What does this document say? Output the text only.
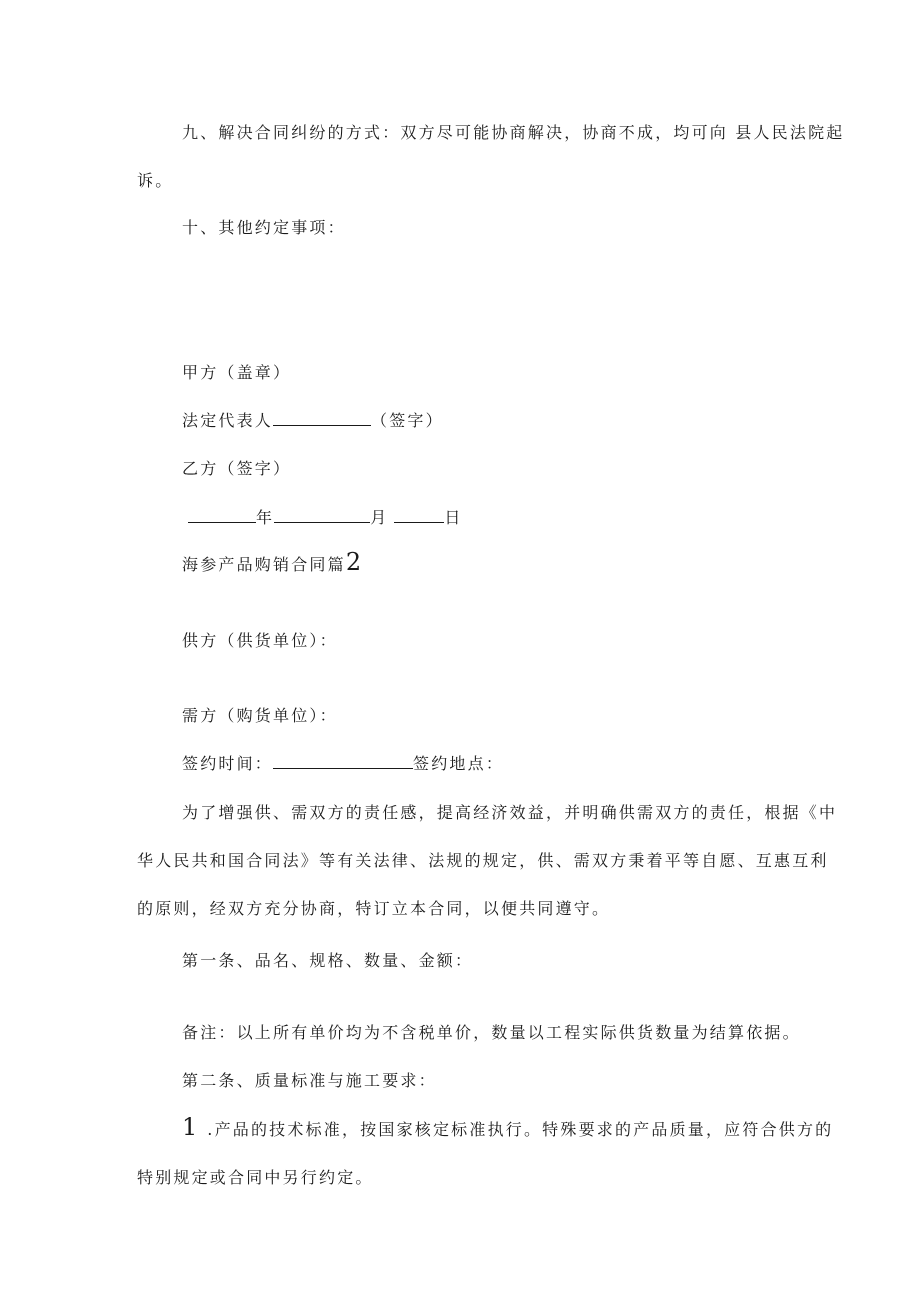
九、解决合同纠纷的方式：双方尽可能协商解决，协商不成，均可向 县人民法院起
诉。
十、其他约定事项：
甲方（盖章）
法定代表人	（签字）
乙方（签字）
年	月	日
海参产品购销合同篇2
供方（供货单位）：
需方（购货单位）：
签约时间：	签约地点：
为了增强供、需双方的责任感，提高经济效益，并明确供需双方的责任，根据《中
华人民共和国合同法》等有关法律、法规的规定，供、需双方秉着平等自愿、互惠互利
的原则，经双方充分协商，特订立本合同，以便共同遵守。
第一条、品名、规格、数量、金额：
备注：以上所有单价均为不含税单价，数量以工程实际供货数量为结算依据。
第二条、质量标准与施工要求：
1 .产品的技术标准，按国家核定标准执行。特殊要求的产品质量，应符合供方的
特别规定或合同中另行约定。
